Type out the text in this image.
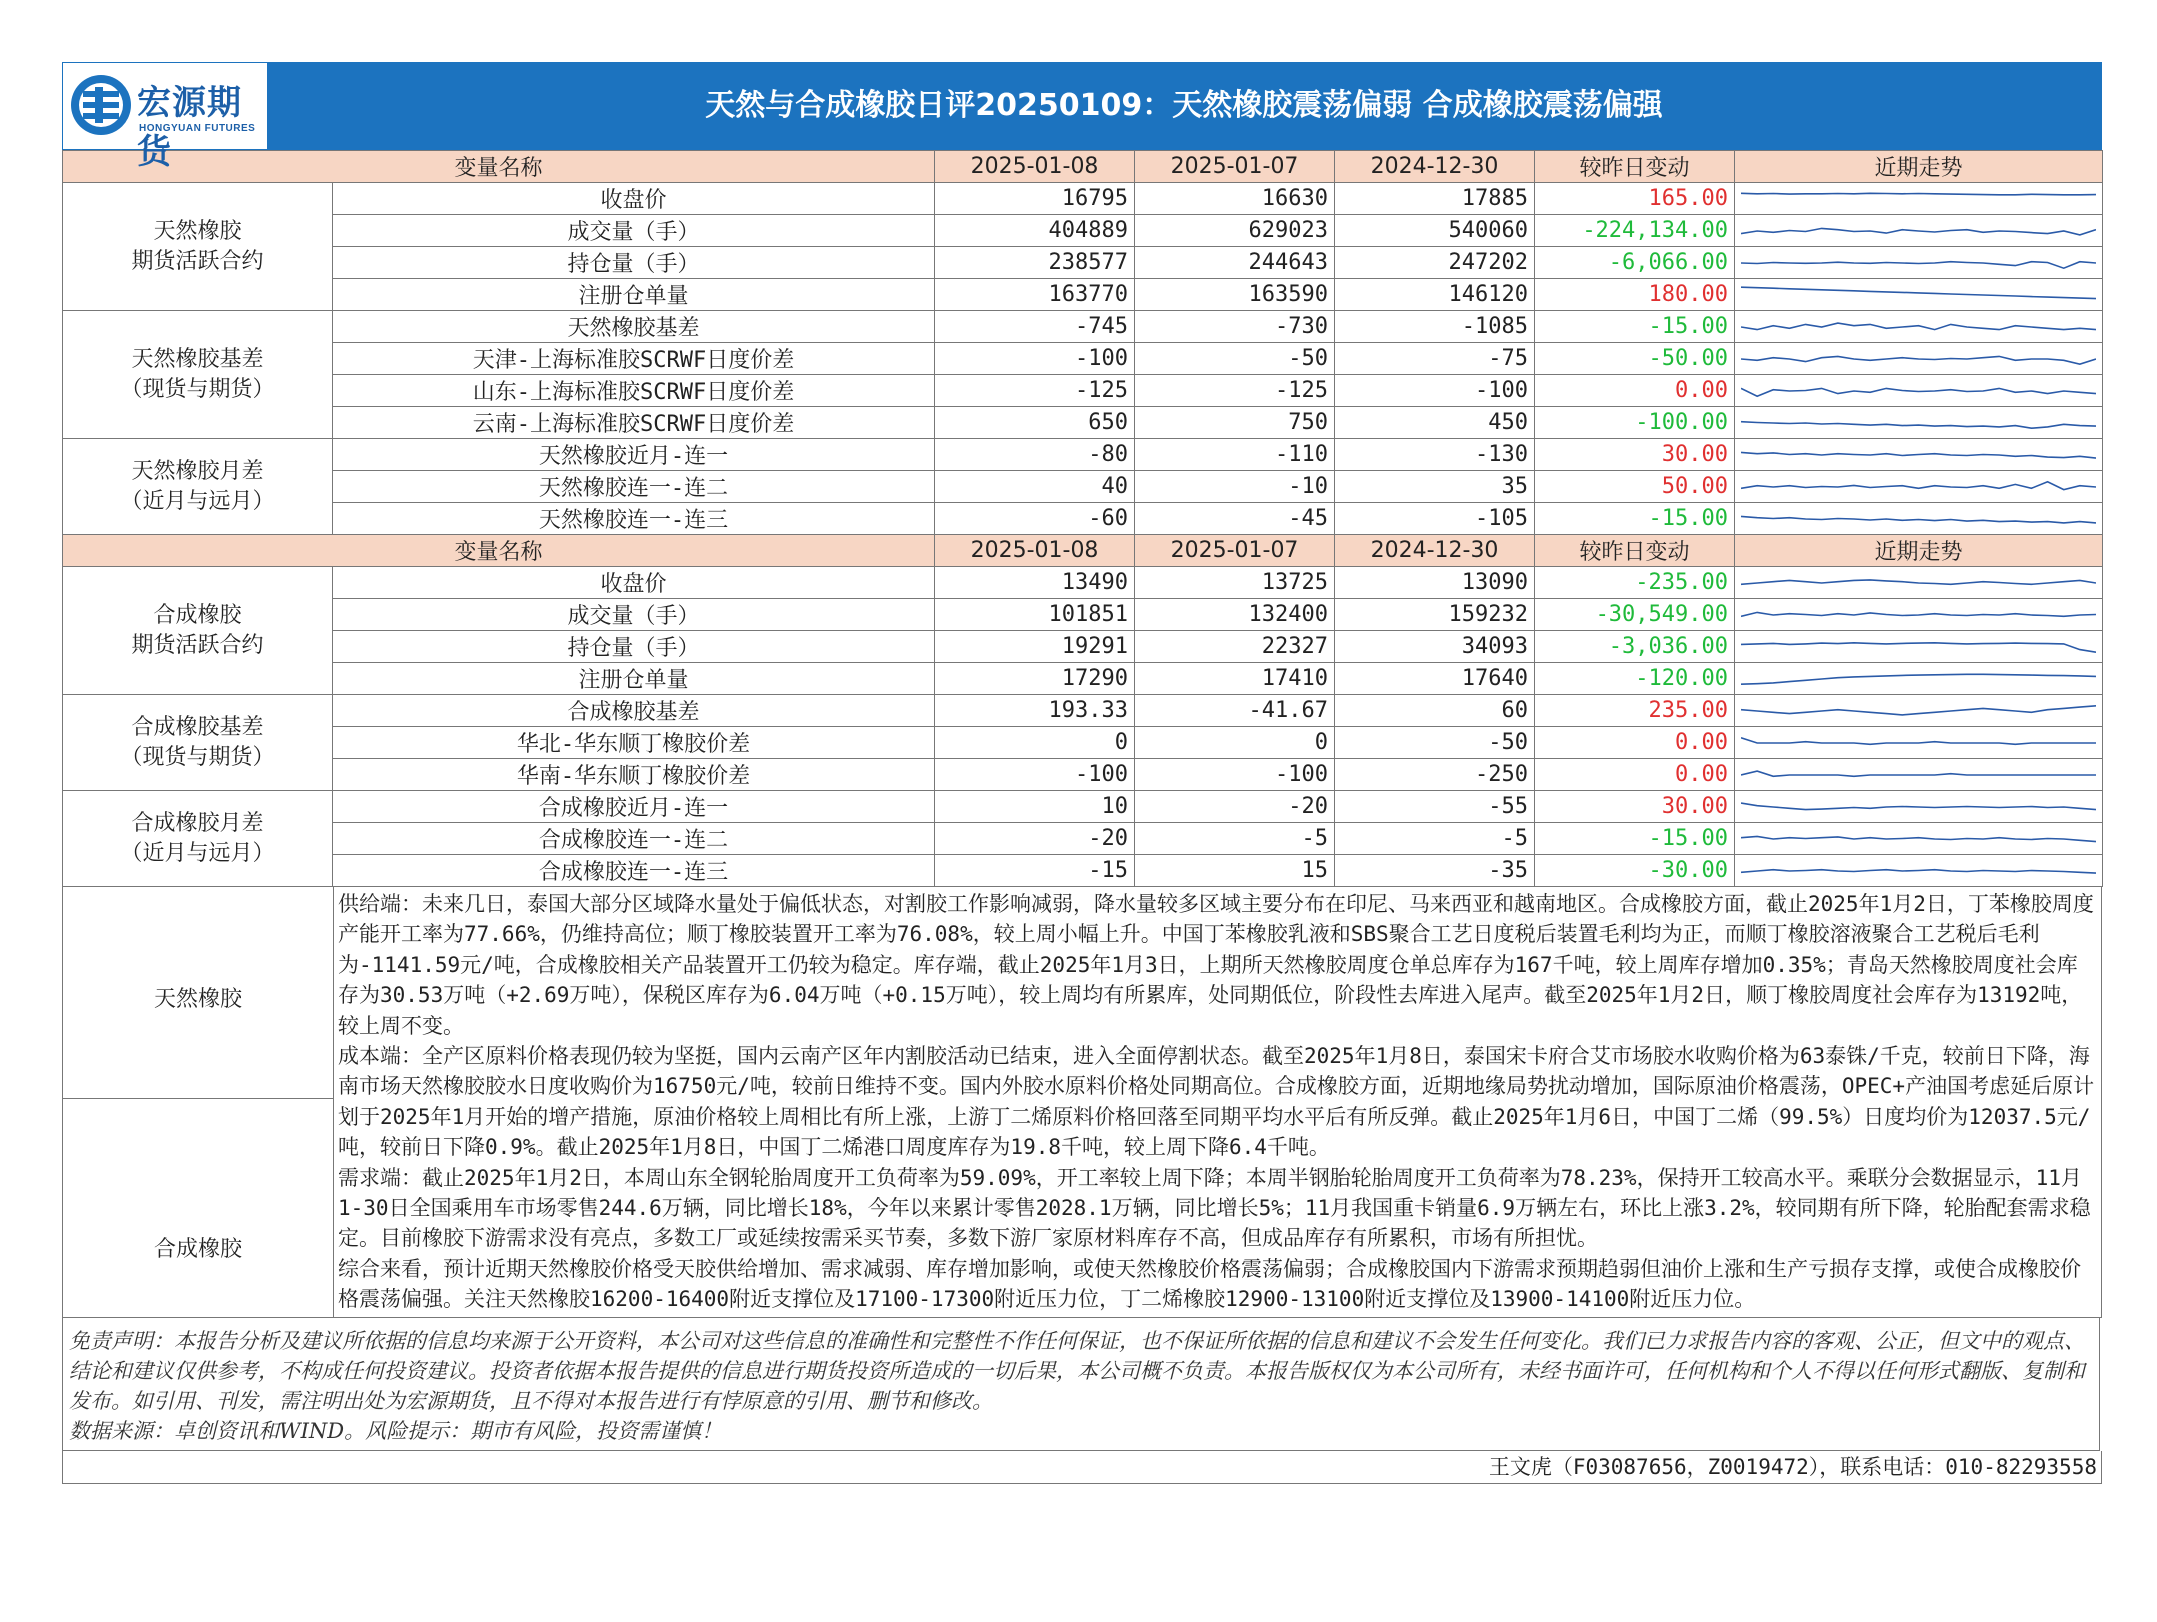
宏源期货
HONGYUAN FUTURES
天然与合成橡胶日评20250109：天然橡胶震荡偏弱 合成橡胶震荡偏强
变量名称		2025-01-08	2025-01-07	2024-12-30	较昨日变动	近期走势

天然橡胶
期货活跃合约	收盘价	16795	16630	17885	165.00	

	成交量（手）	404889	629023	540060	-224,134.00	

	持仓量（手）	238577	244643	247202	-6,066.00	

	注册仓单量	163770	163590	146120	180.00	

天然橡胶基差
（现货与期货）	天然橡胶基差	-745	-730	-1085	-15.00	

	天津-上海标准胶SCRWF日度价差	-100	-50	-75	-50.00	

	山东-上海标准胶SCRWF日度价差	-125	-125	-100	0.00	

	云南-上海标准胶SCRWF日度价差	650	750	450	-100.00	

天然橡胶月差
（近月与远月）	天然橡胶近月-连一	-80	-110	-130	30.00	

	天然橡胶连一-连二	40	-10	35	50.00	

	天然橡胶连一-连三	-60	-45	-105	-15.00	

变量名称		2025-01-08	2025-01-07	2024-12-30	较昨日变动	近期走势

合成橡胶
期货活跃合约	收盘价	13490	13725	13090	-235.00	

	成交量（手）	101851	132400	159232	-30,549.00	

	持仓量（手）	19291	22327	34093	-3,036.00	

	注册仓单量	17290	17410	17640	-120.00	

合成橡胶基差
（现货与期货）	合成橡胶基差	193.33	-41.67	60	235.00	

	华北-华东顺丁橡胶价差	0	0	-50	0.00	

	华南-华东顺丁橡胶价差	-100	-100	-250	0.00	

合成橡胶月差
（近月与远月）	合成橡胶近月-连一	10	-20	-55	30.00	

	合成橡胶连一-连二	-20	-5	-5	-15.00	

	合成橡胶连一-连三	-15	15	-35	-30.00	
天然橡胶
合成橡胶

供给端：未来几日，泰国大部分区域降水量处于偏低状态，对割胶工作影响减弱，降水量较多区域主要分布在印尼、马来西亚和越南地区。合成橡胶方面，截止2025年1月2日，丁苯橡胶周度产能开工率为77.66%，仍维持高位；顺丁橡胶装置开工率为76.08%，较上周小幅上升。中国丁苯橡胶乳液和SBS聚合工艺日度税后装置毛利均为正，而顺丁橡胶溶液聚合工艺税后毛利为-1141.59元/吨，合成橡胶相关产品装置开工仍较为稳定。库存端，截止2025年1月3日，上期所天然橡胶周度仓单总库存为167千吨，较上周库存增加0.35%；青岛天然橡胶周度社会库存为30.53万吨（+2.69万吨），保税区库存为6.04万吨（+0.15万吨），较上周均有所累库，处同期低位，阶段性去库进入尾声。截至2025年1月2日，顺丁橡胶周度社会库存为13192吨，较上周不变。

成本端：全产区原料价格表现仍较为坚挺，国内云南产区年内割胶活动已结束，进入全面停割状态。截至2025年1月8日，泰国宋卡府合艾市场胶水收购价格为63泰铢/千克，较前日下降，海南市场天然橡胶胶水日度收购价为16750元/吨，较前日维持不变。国内外胶水原料价格处同期高位。合成橡胶方面，近期地缘局势扰动增加，国际原油价格震荡，OPEC+产油国考虑延后原计划于2025年1月开始的增产措施，原油价格较上周相比有所上涨，上游丁二烯原料价格回落至同期平均水平后有所反弹。截止2025年1月6日，中国丁二烯（99.5%）日度均价为12037.5元/吨，较前日下降0.9%。截止2025年1月8日，中国丁二烯港口周度库存为19.8千吨，较上周下降6.4千吨。

需求端：截止2025年1月2日，本周山东全钢轮胎周度开工负荷率为59.09%，开工率较上周下降；本周半钢胎轮胎周度开工负荷率为78.23%，保持开工较高水平。乘联分会数据显示，11月1-30日全国乘用车市场零售244.6万辆，同比增长18%，今年以来累计零售2028.1万辆，同比增长5%；11月我国重卡销量6.9万辆左右，环比上涨3.2%，较同期有所下降，轮胎配套需求稳定。目前橡胶下游需求没有亮点，多数工厂或延续按需采买节奏，多数下游厂家原材料库存不高，但成品库存有所累积，市场有所担忧。

综合来看，预计近期天然橡胶价格受天胶供给增加、需求减弱、库存增加影响，或使天然橡胶价格震荡偏弱；合成橡胶国内下游需求预期趋弱但油价上涨和生产亏损存支撑，或使合成橡胶价格震荡偏强。关注天然橡胶16200-16400附近支撑位及17100-17300附近压力位，丁二烯橡胶12900-13100附近支撑位及13900-14100附近压力位。

免责声明：本报告分析及建议所依据的信息均来源于公开资料，本公司对这些信息的准确性和完整性不作任何保证，也不保证所依据的信息和建议不会发生任何变化。我们已力求报告内容的客观、公正，但文中的观点、结论和建议仅供参考，不构成任何投资建议。投资者依据本报告提供的信息进行期货投资所造成的一切后果，本公司概不负责。本报告版权仅为本公司所有，未经书面许可，任何机构和个人不得以任何形式翻版、复制和发布。如引用、刊发，需注明出处为宏源期货，且不得对本报告进行有悖原意的引用、删节和修改。
数据来源：卓创资讯和WIND。风险提示：期市有风险，投资需谨慎！
王文虎（F03087656，Z0019472），联系电话：010-82293558
